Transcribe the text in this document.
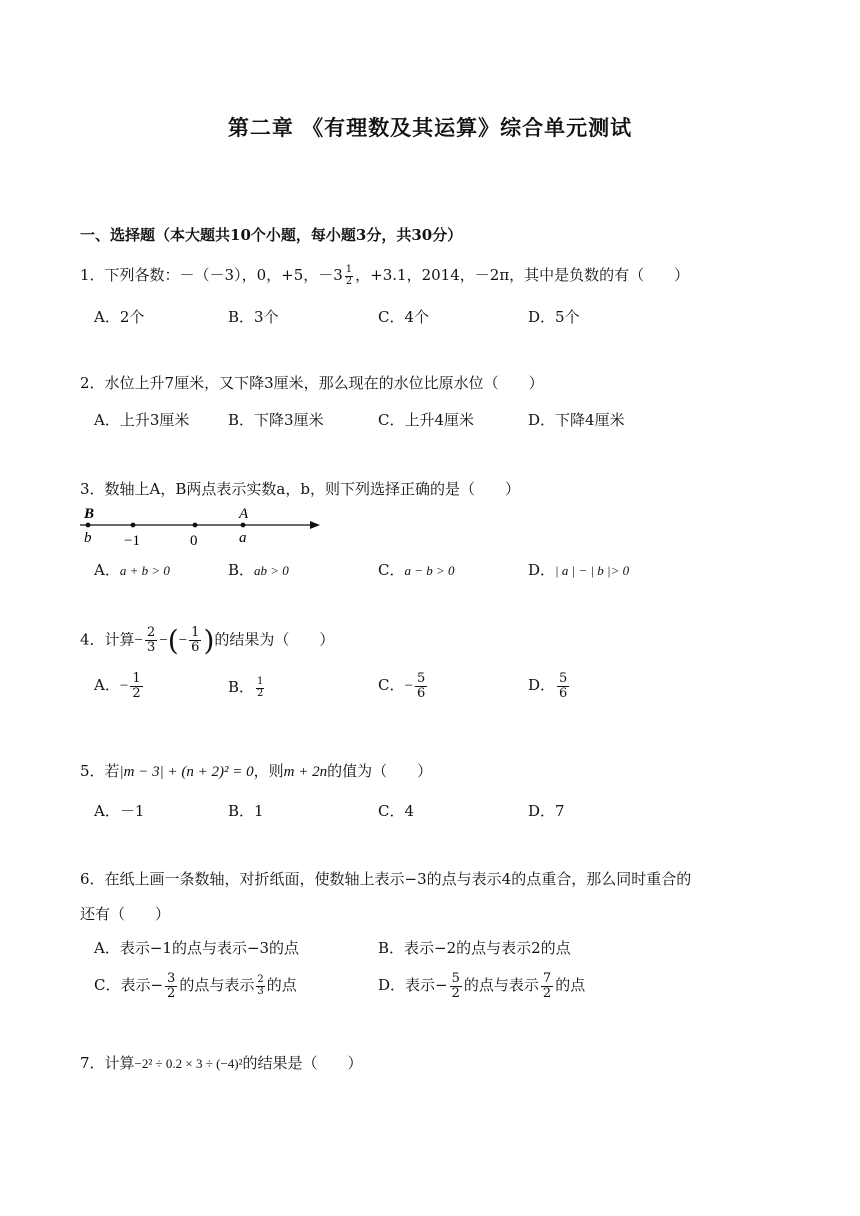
第二章 《有理数及其运算》综合单元测试
一、选择题（本大题共10个小题，每小题3分，共30分）
1．下列各数：－（－3），0，+5，$-3 \frac{1}{2}$ ，+3.1，2014，－2π，其中是负数的有（　　）
A．2个	B．3个	C．4个	D．5个
2．水位上升7厘米，又下降3厘米，那么现在的水位比原水位（　　）
A．上升3厘米	B．下降3厘米	C．上升4厘米	D．下降4厘米
3．数轴上A，B两点表示实数a，b，则下列选择正确的是（　　）
B
b −1	0
A
a
A．a + b > 0	B．ab > 0	C．a − b > 0	D．| a | − | b |> 0
4．计算− $\frac{2}{3}$ −(− $\frac{1}{6}$ )的结果为（　　）
A．− $\frac{1}{2}$	B． $\frac{1}{2}$	C．− $\frac{5}{6}$	D． $\frac{5}{6}$
5．若|m − 3| + (n + 2)² = 0，则m + 2n的值为（　　）
A．－1	B．1	C．4	D．7
6．在纸上画一条数轴，对折纸面，使数轴上表示−3的点与表示4的点重合，那么同时重合的
还有（　　）
A．表示−1的点与表示−3的点	B．表示−2的点与表示2的点
C．表示− $\frac{3}{2}$ 的点与表示 $\frac{2}{3}$ 的点	D．表示− $\frac{5}{2}$ 的点与表示 $\frac{7}{2}$ 的点
7．计算−2² ÷ 0.2 × 3 ÷ (−4)²的结果是（　　）
